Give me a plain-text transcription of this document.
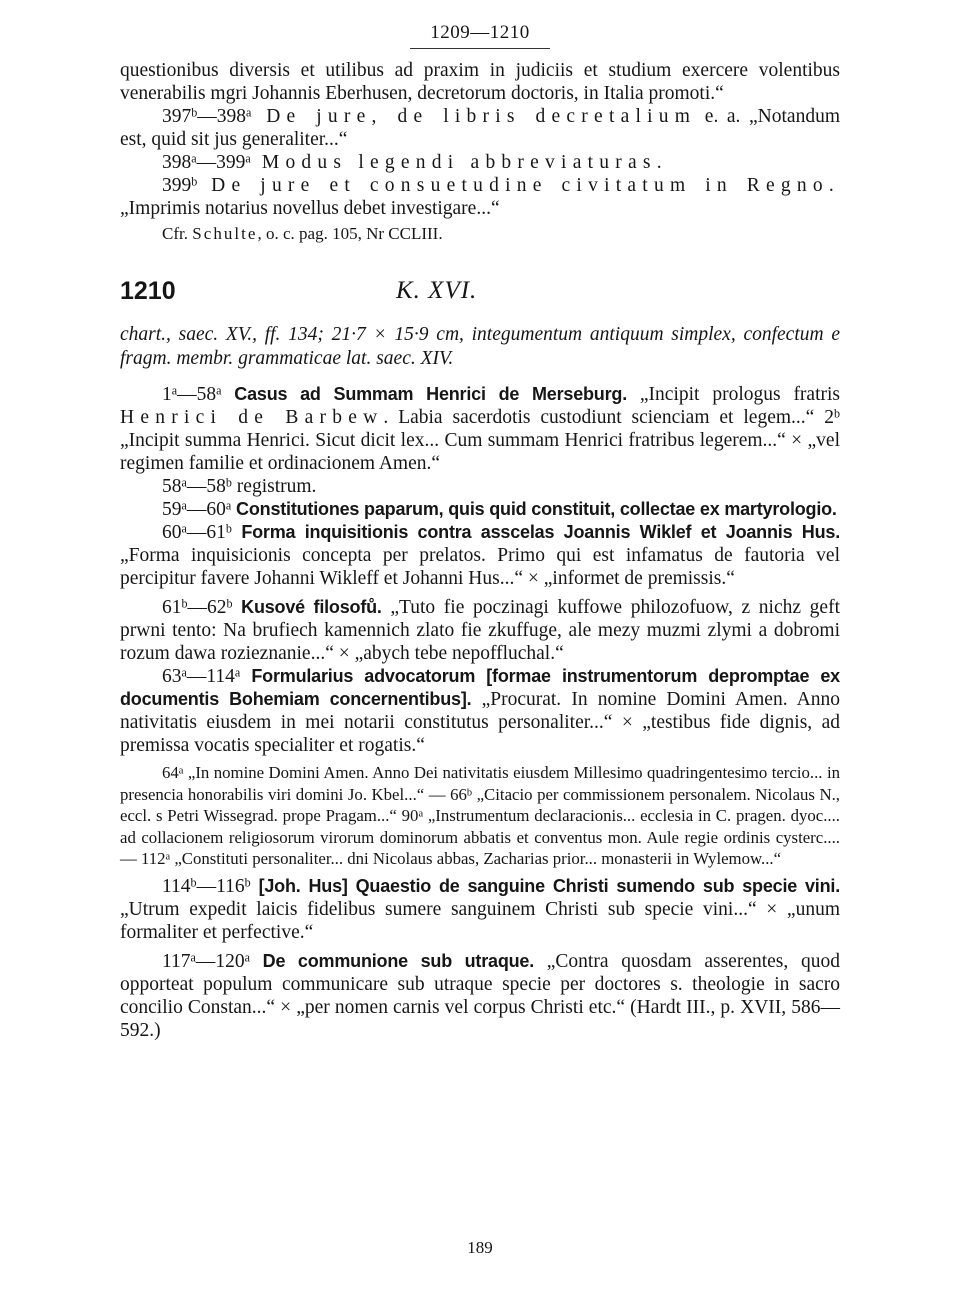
1209—1210

questionibus diversis et utilibus ad praxim in judiciis et studium exercere volentibus venerabilis mgri Johannis Eberhusen, decretorum doctoris, in Italia promoti.“

397$^b$—398$^a$ De jure, de libris decretalium e. a. „Notandum est, quid sit jus generaliter...“

398$^a$—399$^a$ Modus legendi abbreviaturas.

399$^b$ De jure et consuetudine civitatum in Regno. „Imprimis notarius novellus debet investigare...“

Cfr. Schulte, o. c. pag. 105, Nr CCLIII.

1210	K. XVI.

chart., saec. XV., ff. 134; 21·7 × 15·9 cm, integumentum antiquum simplex, confectum e fragm. membr. grammaticae lat. saec. XIV.

1$^a$—58$^a$ Casus ad Summam Henrici de Merseburg. „Incipit prologus fratris Henrici de Barbew. Labia sacerdotis custodiunt scienciam et legem...“ 2$^b$ „Incipit summa Henrici. Sicut dicit lex... Cum summam Henrici fratribus legerem...“ × „vel regimen familie et ordinacionem Amen.“

58$^a$—58$^b$ registrum.

59$^a$—60$^a$ Constitutiones paparum, quis quid constituit, collectae ex martyrologio.

60$^a$—61$^b$ Forma inquisitionis contra asscelas Joannis Wiklef et Joannis Hus. „Forma inquisicionis concepta per prelatos. Primo qui est infamatus de fautoria vel percipitur favere Johanni Wikleff et Johanni Hus...“ × „informet de premissis.“

61$^b$—62$^b$ Kusové filosofů. „Tuto fie poczinagi kuffowe philozofuow, z nichz geft prwni tento: Na brufiech kamennich zlato fie zkuffuge, ale mezy muzmi zlymi a dobromi rozum dawa rozieznanie...“ × „abych tebe nepoffluchal.“

63$^a$—114$^a$ Formularius advocatorum [formae instrumentorum depromptae ex documentis Bohemiam concernentibus]. „Procurat. In nomine Domini Amen. Anno nativitatis eiusdem in mei notarii constitutus personaliter...“ × „testibus fide dignis, ad premissa vocatis specialiter et rogatis.“

64$^a$ „In nomine Domini Amen. Anno Dei nativitatis eiusdem Millesimo quadringentesimo tercio... in presencia honorabilis viri domini Jo. Kbel...“ — 66$^b$ „Citacio per commissionem personalem. Nicolaus N., eccl. s Petri Wissegrad. prope Pragam...“ 90$^a$ „Instrumentum declaracionis... ecclesia in C. pragen. dyoc.... ad collacionem religiosorum virorum dominorum abbatis et conventus mon. Aule regie ordinis cysterc.... — 112$^a$ „Constituti personaliter... dni Nicolaus abbas, Zacharias prior... monasterii in Wylemow...“

114$^b$—116$^b$ [Joh. Hus] Quaestio de sanguine Christi sumendo sub specie vini. „Utrum expedit laicis fidelibus sumere sanguinem Christi sub specie vini...“ × „unum formaliter et perfective.“

117$^a$—120$^a$ De communione sub utraque. „Contra quosdam asserentes, quod opporteat populum communicare sub utraque specie per doctores s. theologie in sacro concilio Constan...“ × „per nomen carnis vel corpus Christi etc.“ (Hardt III., p. XVII, 586—592.)

189
